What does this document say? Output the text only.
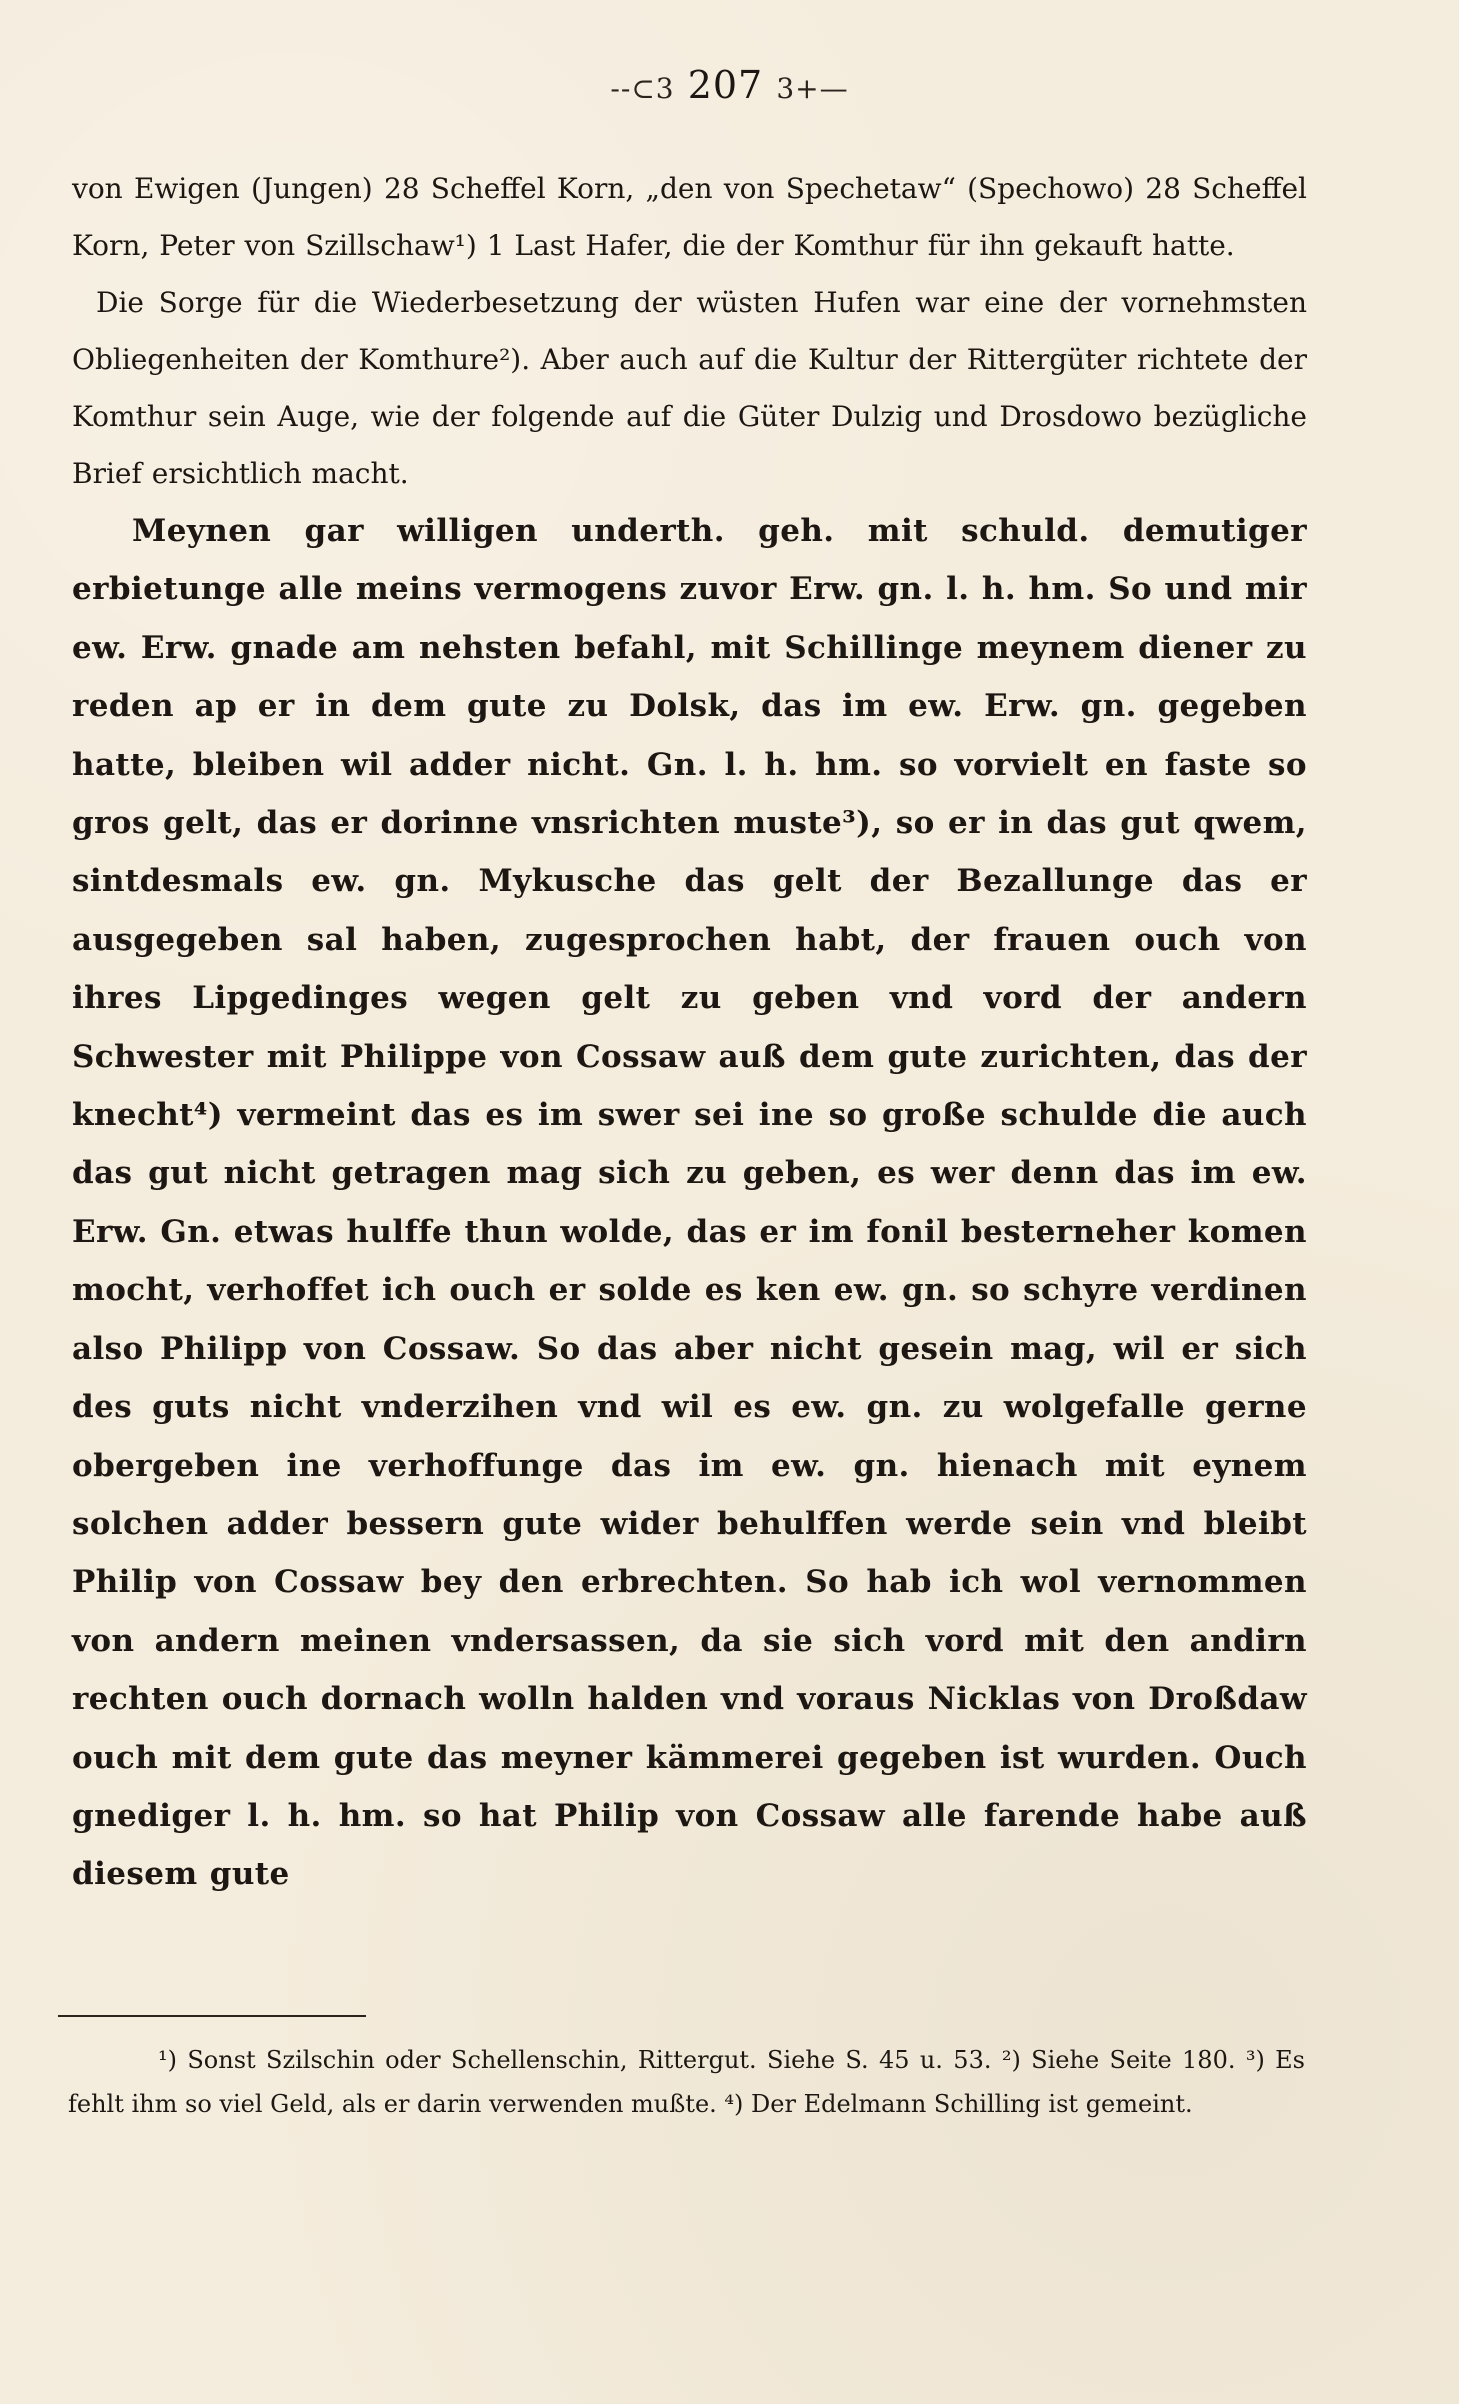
--⊂3 207 3+—

von Ewigen (Jungen) 28 Scheffel Korn, „den von Spechetaw“ (Spechowo) 28 Scheffel Korn, Peter von Szillschaw¹) 1 Last Hafer, die der Komthur für ihn gekauft hatte.

Die Sorge für die Wiederbesetzung der wüsten Hufen war eine der vornehmsten Obliegenheiten der Komthure²). Aber auch auf die Kultur der Rittergüter richtete der Komthur sein Auge, wie der folgende auf die Güter Dulzig und Drosdowo bezügliche Brief ersichtlich macht.

Meynen gar willigen underth. geh. mit schuld. demutiger erbietunge alle meins vermogens zuvor Erw. gn. l. h. hm. So und mir ew. Erw. gnade am nehsten befahl, mit Schillinge meynem diener zu reden ap er in dem gute zu Dolsk, das im ew. Erw. gn. gegeben hatte, bleiben wil adder nicht. Gn. l. h. hm. so vorvielt en faste so gros gelt, das er dorinne vnsrichten muste³), so er in das gut qwem, sintdesmals ew. gn. Mykusche das gelt der Bezallunge das er ausgegeben sal haben, zugesprochen habt, der frauen ouch von ihres Lipgedinges wegen gelt zu geben vnd vord der andern Schwester mit Philippe von Cossaw auß dem gute zurichten, das der knecht⁴) vermeint das es im swer sei ine so große schulde die auch das gut nicht getragen mag sich zu geben, es wer denn das im ew. Erw. Gn. etwas hulffe thun wolde, das er im fonil besterneher komen mocht, verhoffet ich ouch er solde es ken ew. gn. so schyre verdinen also Philipp von Cossaw. So das aber nicht gesein mag, wil er sich des guts nicht vnderzihen vnd wil es ew. gn. zu wolgefalle gerne obergeben ine verhoffunge das im ew. gn. hienach mit eynem solchen adder bessern gute wider behulffen werde sein vnd bleibt Philip von Cossaw bey den erbrechten. So hab ich wol vernommen von andern meinen vndersassen, da sie sich vord mit den andirn rechten ouch dornach wolln halden vnd voraus Nicklas von Droßdaw ouch mit dem gute das meyner kämmerei gegeben ist wurden. Ouch gnediger l. h. hm. so hat Philip von Cossaw alle farende habe auß diesem gute

¹) Sonst Szilschin oder Schellenschin, Rittergut. Siehe S. 45 u. 53. ²) Siehe Seite 180. ³) Es fehlt ihm so viel Geld, als er darin verwenden mußte. ⁴) Der Edelmann Schilling ist gemeint.
